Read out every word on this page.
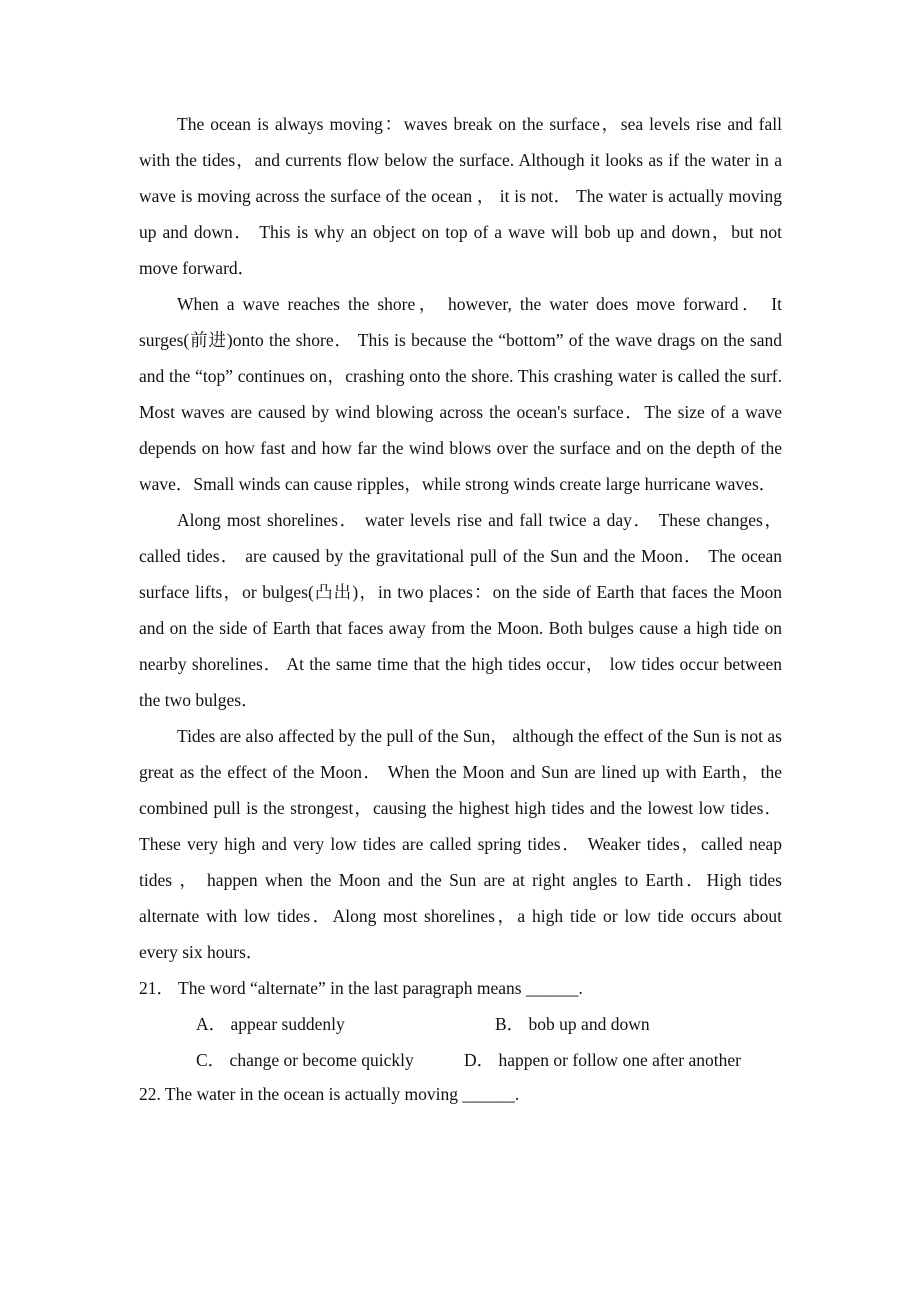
The ocean is always moving：waves break on the surface，sea levels rise and fall with the tides，and currents flow below the surface. Although it looks as if the water in a wave is moving across the surface of the ocean ， it is not． The water is actually moving up and down． This is why an object on top of a wave will bob up and down，but not move forward．

When a wave reaches the shore， however, the water does move forward． It surges(前进)onto the shore． This is because the “bottom” of the wave drags on the sand and the “top” continues on，crashing onto the shore. This crashing water is called the surf. Most waves are caused by wind blowing across the ocean's surface．The size of a wave depends on how fast and how far the wind blows over the surface and on the depth of the wave．Small winds can cause ripples，while strong winds create large hurricane waves．

Along most shorelines． water levels rise and fall twice a day． These changes，called tides． are caused by the gravitational pull of the Sun and the Moon． The ocean surface lifts，or bulges(凸出)，in two places：on the side of Earth that faces the Moon and on the side of Earth that faces away from the Moon. Both bulges cause a high tide on nearby shorelines． At the same time that the high tides occur， low tides occur between the two bulges．

Tides are also affected by the pull of the Sun， although the effect of the Sun is not as great as the effect of the Moon． When the Moon and Sun are lined up with Earth，the combined pull is the strongest，causing the highest high tides and the lowest low tides． These very high and very low tides are called spring tides． Weaker tides，called neap tides ， happen when the Moon and the Sun are at right angles to Earth．High tides alternate with low tides．Along most shorelines，a high tide or low tide occurs about every six hours．

21． The word “alternate” in the last paragraph means ______.

A． appear suddenly	B． bob up and down
C． change or become quickly	D． happen or follow one after another

22. The water in the ocean is actually moving ______.
